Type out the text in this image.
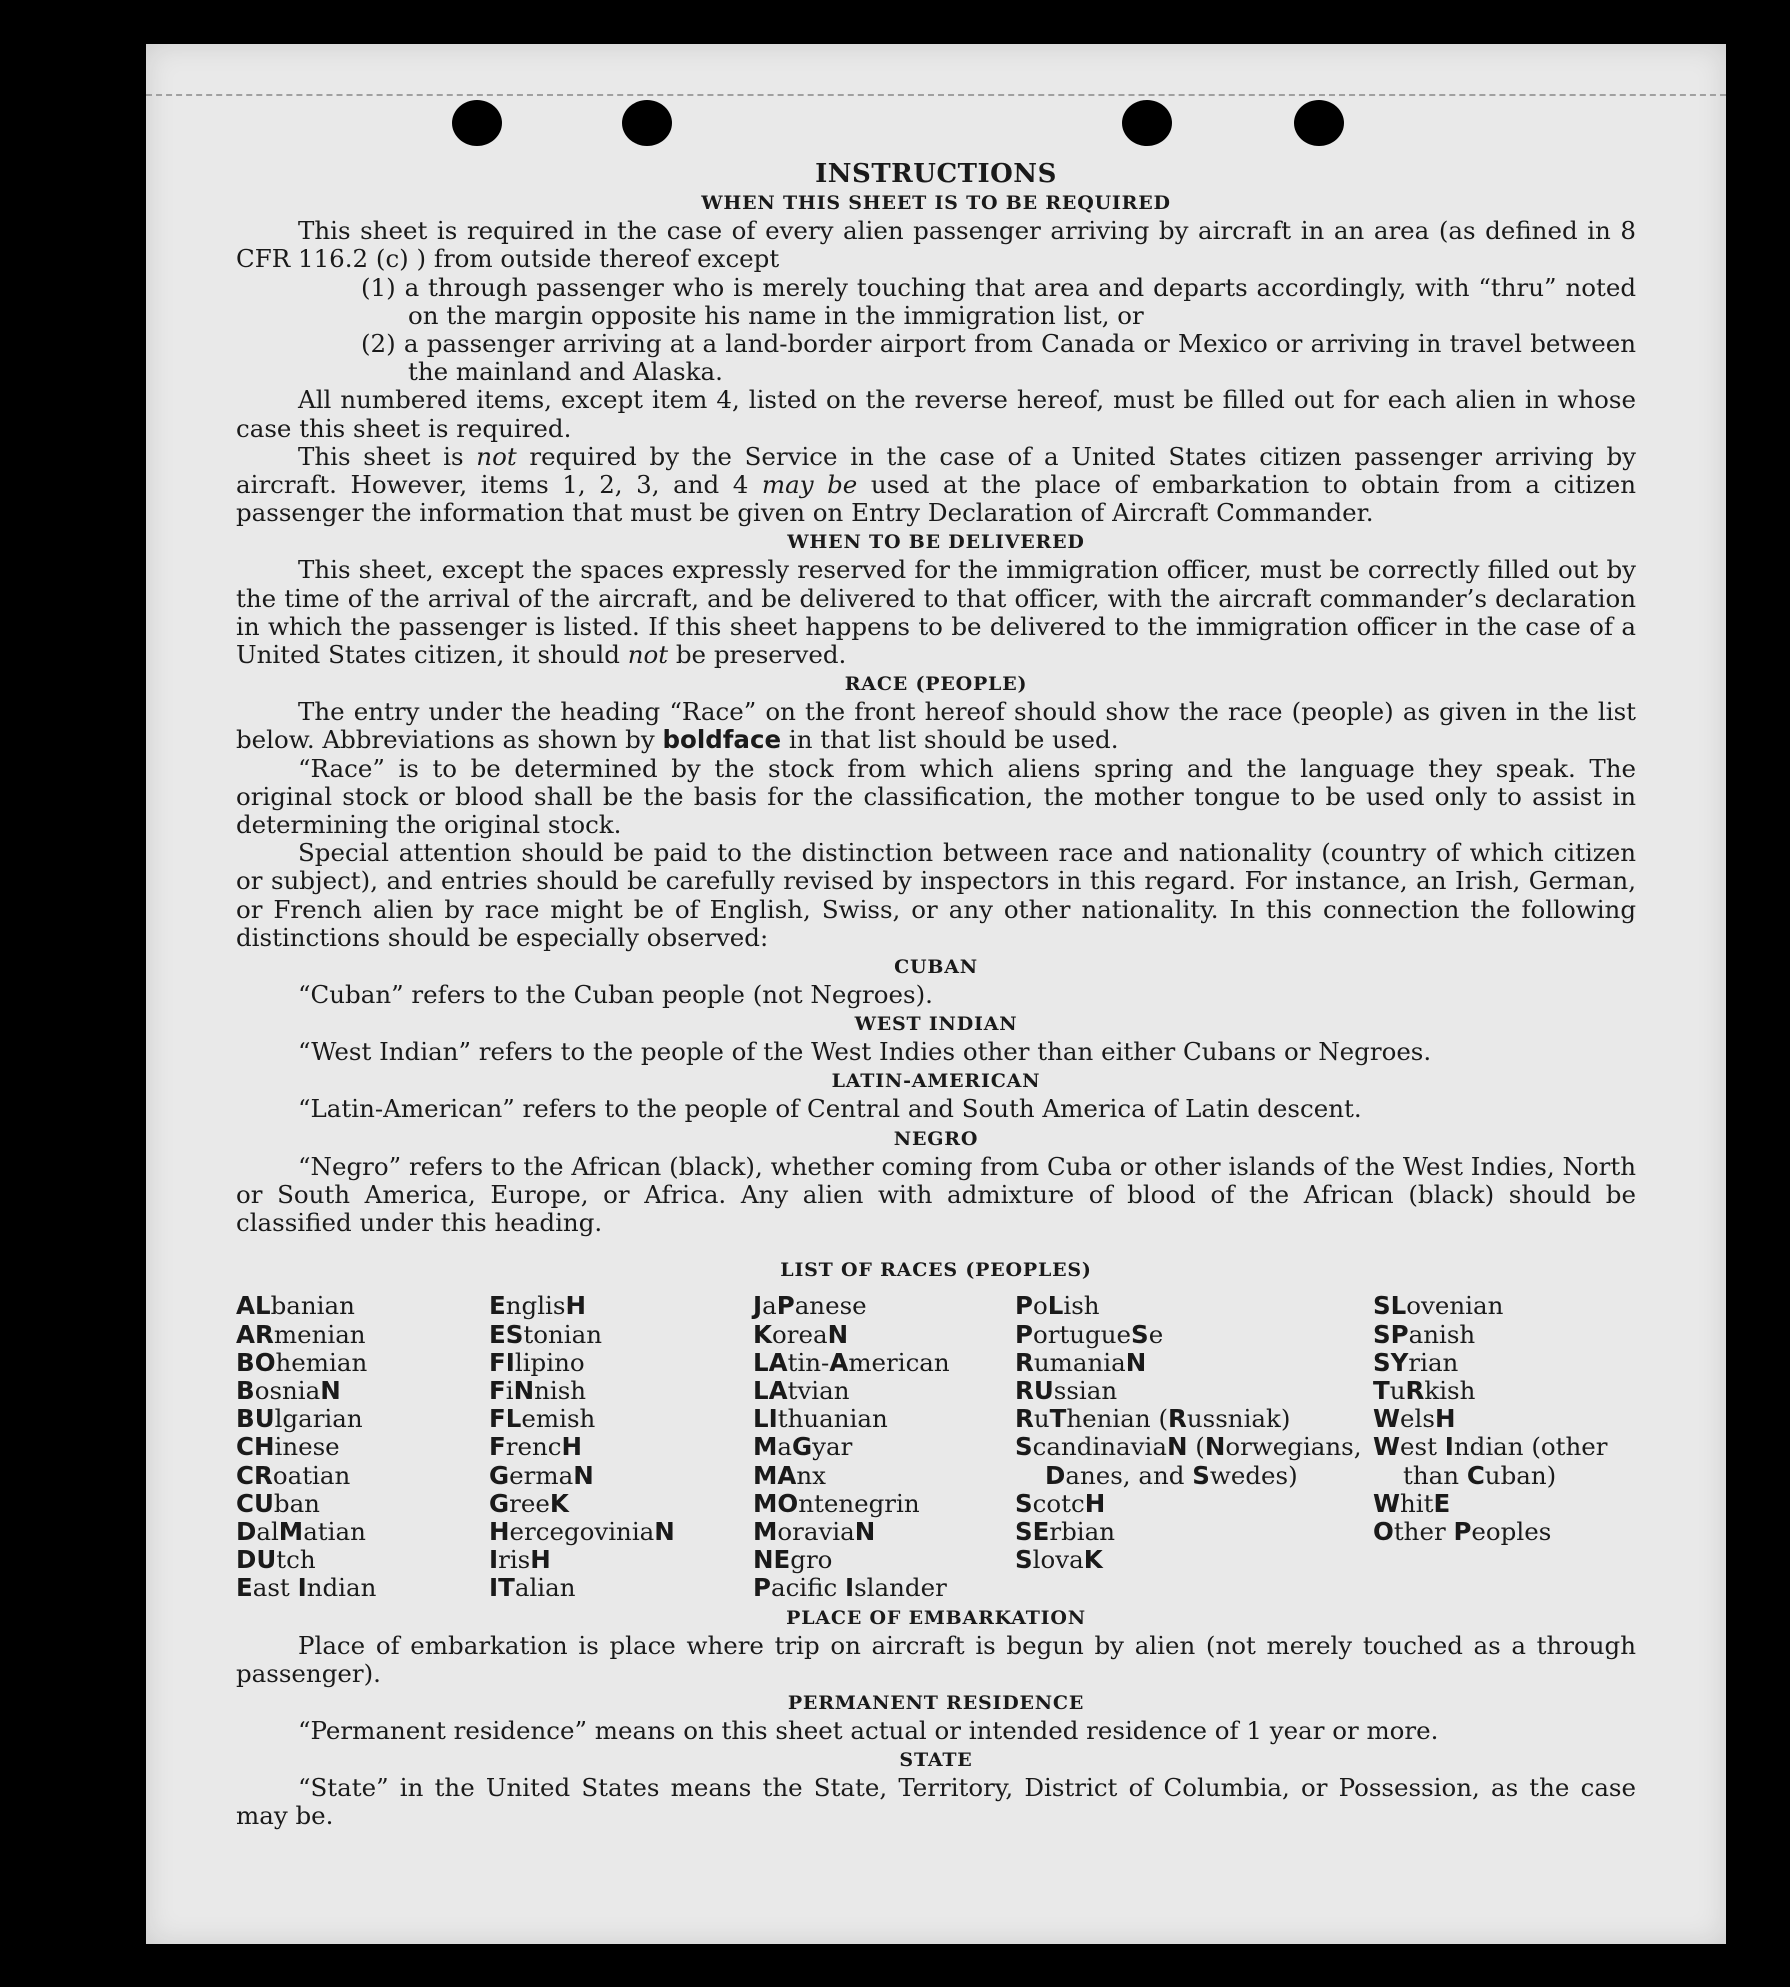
INSTRUCTIONS
WHEN THIS SHEET IS TO BE REQUIRED

This sheet is required in the case of every alien passenger arriving by aircraft in an area (as defined in 8 CFR 116.2 (c) ) from outside thereof except

(1) a through passenger who is merely touching that area and departs accordingly, with “thru” noted on the margin opposite his name in the immigration list, or

(2) a passenger arriving at a land-border airport from Canada or Mexico or arriving in travel between the mainland and Alaska.

All numbered items, except item 4, listed on the reverse hereof, must be filled out for each alien in whose case this sheet is required.

This sheet is not required by the Service in the case of a United States citizen passenger arriving by aircraft. However, items 1, 2, 3, and 4 may be used at the place of embarkation to obtain from a citizen passenger the information that must be given on Entry Declaration of Aircraft Commander.

WHEN TO BE DELIVERED

This sheet, except the spaces expressly reserved for the immigration officer, must be correctly filled out by the time of the arrival of the aircraft, and be delivered to that officer, with the aircraft commander’s declaration in which the passenger is listed. If this sheet happens to be delivered to the immigration officer in the case of a United States citizen, it should not be preserved.

RACE (PEOPLE)

The entry under the heading “Race” on the front hereof should show the race (people) as given in the list below. Abbreviations as shown by boldface in that list should be used.

“Race” is to be determined by the stock from which aliens spring and the language they speak. The original stock or blood shall be the basis for the classification, the mother tongue to be used only to assist in determining the original stock.

Special attention should be paid to the distinction between race and nationality (country of which citizen or subject), and entries should be carefully revised by inspectors in this regard. For instance, an Irish, German, or French alien by race might be of English, Swiss, or any other nationality. In this connection the following distinctions should be especially observed:

CUBAN

“Cuban” refers to the Cuban people (not Negroes).

WEST INDIAN

“West Indian” refers to the people of the West Indies other than either Cubans or Negroes.

LATIN-AMERICAN

“Latin-American” refers to the people of Central and South America of Latin descent.

NEGRO

“Negro” refers to the African (black), whether coming from Cuba or other islands of the West Indies, North or South America, Europe, or Africa. Any alien with admixture of blood of the African (black) should be classified under this heading.

LIST OF RACES (PEOPLES)
ALbanian
ARmenian
BOhemian
BosniaN
BUlgarian
CHinese
CRoatian
CUban
DalMatian
DUtch
East Indian
EnglisH
EStonian
FIlipino
FiNnish
FLemish
FrencH
GermaN
GreeK
HercegoviniaN
IrisH
ITalian
JaPanese
KoreaN
LAtin-American
LAtvian
LIthuanian
MaGyar
MAnx
MOntenegrin
MoraviaN
NEgro
Pacific Islander
PoLish
PortugueSe
RumaniaN
RUssian
RuThenian (Russniak)
ScandinaviaN (Norwegians, Danes, and Swedes)
ScotcH
SErbian
SlovaK
SLovenian
SPanish
SYrian
TuRkish
WelsH
West Indian (other than Cuban)
WhitE
Other Peoples
PLACE OF EMBARKATION

Place of embarkation is place where trip on aircraft is begun by alien (not merely touched as a through passenger).

PERMANENT RESIDENCE

“Permanent residence” means on this sheet actual or intended residence of 1 year or more.

STATE

“State” in the United States means the State, Territory, District of Columbia, or Possession, as the case may be.
